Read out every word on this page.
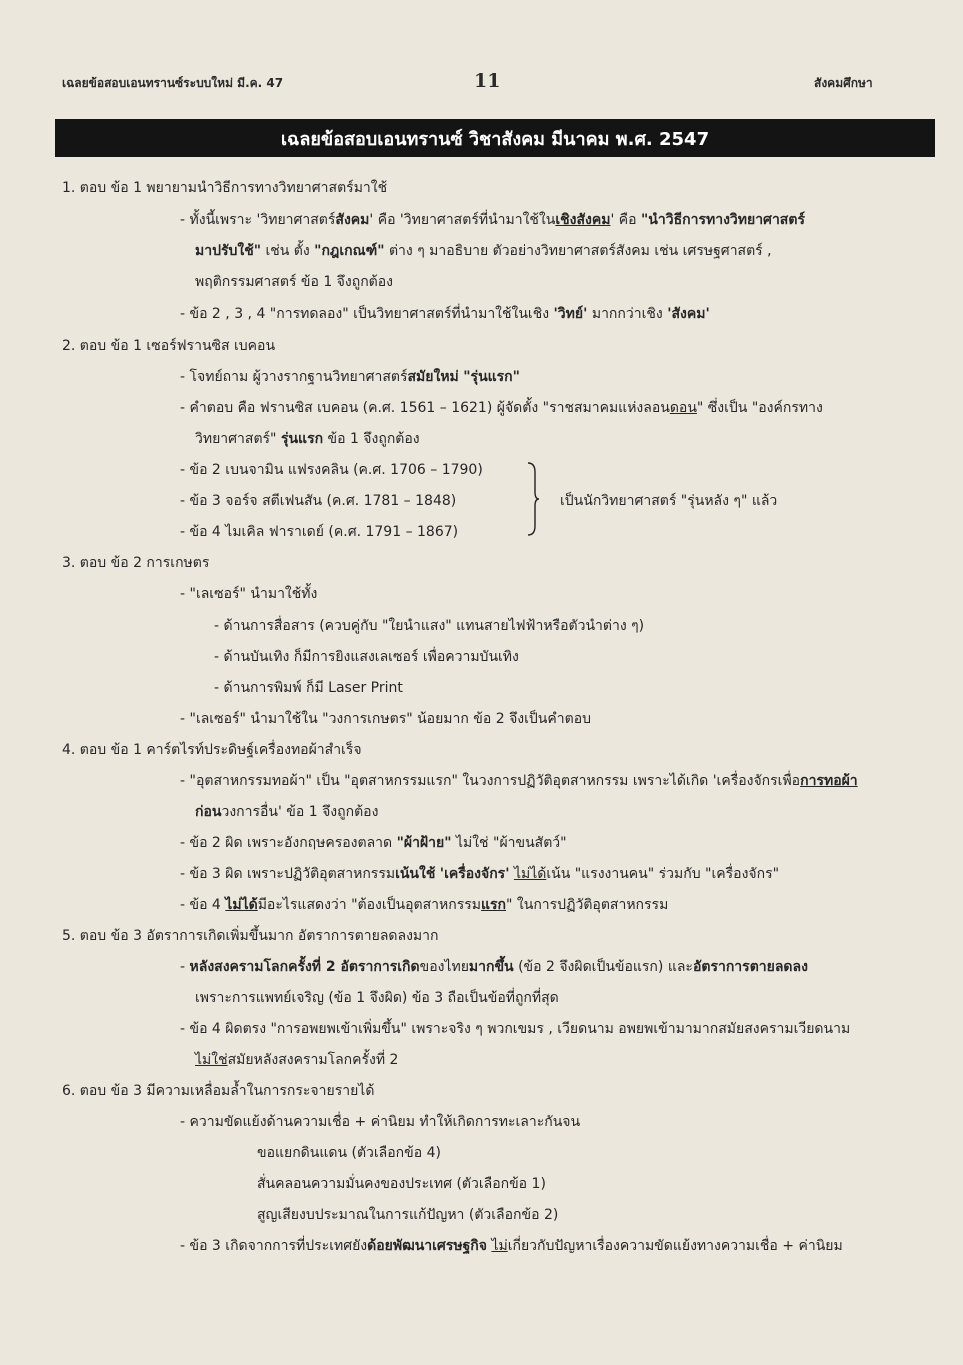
เฉลยข้อสอบเอนทรานซ์ระบบใหม่ มี.ค. 47	11	สังคมศึกษา
เฉลยข้อสอบเอนทรานซ์ วิชาสังคม มีนาคม พ.ศ. 2547
1. ตอบ ข้อ 1 พยายามนำวิธีการทางวิทยาศาสตร์มาใช้
- ทั้งนี้เพราะ 'วิทยาศาสตร์สังคม' คือ 'วิทยาศาสตร์ที่นำมาใช้ในเชิงสังคม' คือ "นำวิธีการทางวิทยาศาสตร์
มาปรับใช้" เช่น ตั้ง "กฎเกณฑ์" ต่าง ๆ มาอธิบาย ตัวอย่างวิทยาศาสตร์สังคม เช่น เศรษฐศาสตร์ ,
พฤติกรรมศาสตร์ ข้อ 1 จึงถูกต้อง
- ข้อ 2 , 3 , 4 "การทดลอง" เป็นวิทยาศาสตร์ที่นำมาใช้ในเชิง 'วิทย์' มากกว่าเชิง 'สังคม'
2. ตอบ ข้อ 1 เซอร์ฟรานซิส เบคอน
- โจทย์ถาม ผู้วางรากฐานวิทยาศาสตร์สมัยใหม่ "รุ่นแรก"
- คำตอบ คือ ฟรานซิส เบคอน (ค.ศ. 1561 – 1621) ผู้จัดตั้ง "ราชสมาคมแห่งลอนดอน" ซึ่งเป็น "องค์กรทาง
วิทยาศาสตร์" รุ่นแรก ข้อ 1 จึงถูกต้อง
- ข้อ 2 เบนจามิน แฟรงคลิน (ค.ศ. 1706 – 1790)
- ข้อ 3 จอร์จ สตีเฟนสัน (ค.ศ. 1781 – 1848)
- ข้อ 4 ไมเคิล ฟาราเดย์ (ค.ศ. 1791 – 1867)
เป็นนักวิทยาศาสตร์ "รุ่นหลัง ๆ" แล้ว
3. ตอบ ข้อ 2 การเกษตร
- "เลเซอร์" นำมาใช้ทั้ง
- ด้านการสื่อสาร (ควบคู่กับ "ใยนำแสง" แทนสายไฟฟ้าหรือตัวนำต่าง ๆ)
- ด้านบันเทิง ก็มีการยิงแสงเลเซอร์ เพื่อความบันเทิง
- ด้านการพิมพ์ ก็มี Laser Print
- "เลเซอร์" นำมาใช้ใน "วงการเกษตร" น้อยมาก ข้อ 2 จึงเป็นคำตอบ
4. ตอบ ข้อ 1 คาร์ตไรท์ประดิษฐ์เครื่องทอผ้าสำเร็จ
- "อุตสาหกรรมทอผ้า" เป็น "อุตสาหกรรมแรก" ในวงการปฏิวัติอุตสาหกรรม เพราะได้เกิด 'เครื่องจักรเพื่อการทอผ้า
ก่อนวงการอื่น' ข้อ 1 จึงถูกต้อง
- ข้อ 2 ผิด เพราะอังกฤษครองตลาด "ผ้าฝ้าย" ไม่ใช่ "ผ้าขนสัตว์"
- ข้อ 3 ผิด เพราะปฏิวัติอุตสาหกรรมเน้นใช้ 'เครื่องจักร' ไม่ได้เน้น "แรงงานคน" ร่วมกับ "เครื่องจักร"
- ข้อ 4 ไม่ได้มีอะไรแสดงว่า "ต้องเป็นอุตสาหกรรมแรก" ในการปฏิวัติอุตสาหกรรม
5. ตอบ ข้อ 3 อัตราการเกิดเพิ่มขึ้นมาก อัตราการตายลดลงมาก
- หลังสงครามโลกครั้งที่ 2 อัตราการเกิดของไทยมากขึ้น (ข้อ 2 จึงผิดเป็นข้อแรก) และอัตราการตายลดลง
เพราะการแพทย์เจริญ (ข้อ 1 จึงผิด) ข้อ 3 ถือเป็นข้อที่ถูกที่สุด
- ข้อ 4 ผิดตรง "การอพยพเข้าเพิ่มขึ้น" เพราะจริง ๆ พวกเขมร , เวียดนาม อพยพเข้ามามากสมัยสงครามเวียดนาม
ไม่ใช่สมัยหลังสงครามโลกครั้งที่ 2
6. ตอบ ข้อ 3 มีความเหลื่อมล้ำในการกระจายรายได้
- ความขัดแย้งด้านความเชื่อ + ค่านิยม ทำให้เกิดการทะเลาะกันจน
ขอแยกดินแดน (ตัวเลือกข้อ 4)
สั่นคลอนความมั่นคงของประเทศ (ตัวเลือกข้อ 1)
สูญเสียงบประมาณในการแก้ปัญหา (ตัวเลือกข้อ 2)
- ข้อ 3 เกิดจากการที่ประเทศยังด้อยพัฒนาเศรษฐกิจ ไม่เกี่ยวกับปัญหาเรื่องความขัดแย้งทางความเชื่อ + ค่านิยม
